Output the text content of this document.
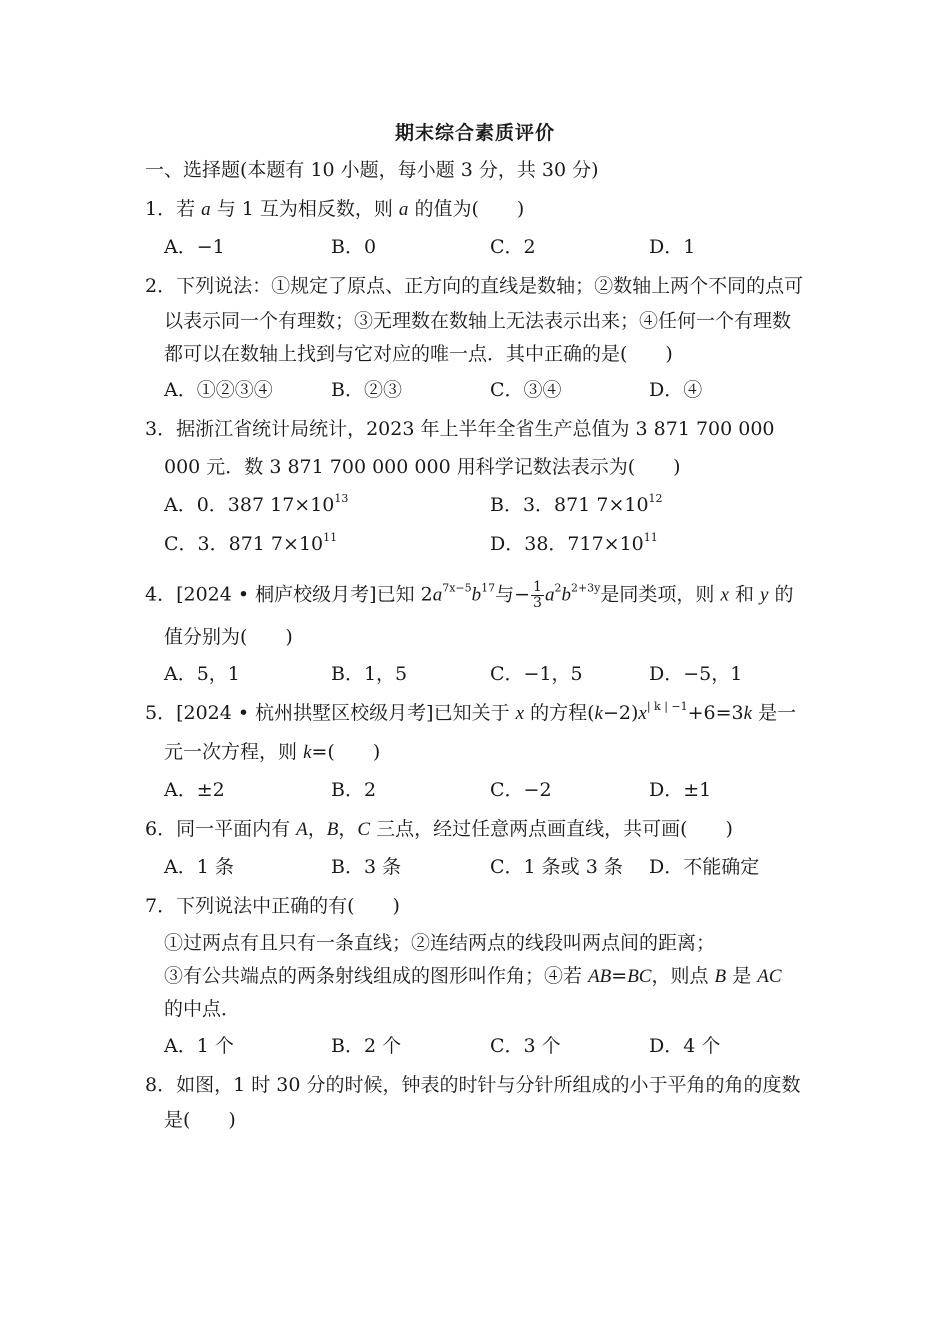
期末综合素质评价
一、选择题(本题有 10 小题，每小题 3 分，共 30 分)
1．若 a 与 1 互为相反数，则 a 的值为(　　)
A．−1	B．0	C．2	D．1
2．下列说法：①规定了原点、正方向的直线是数轴；②数轴上两个不同的点可
以表示同一个有理数；③无理数在数轴上无法表示出来；④任何一个有理数
都可以在数轴上找到与它对应的唯一点．其中正确的是(　　)
A．①②③④	B．②③	C．③④	D．④
3．据浙江省统计局统计，2023 年上半年全省生产总值为 3 871 700 000
000 元．数 3 871 700 000 000 用科学记数法表示为(　　)
A．0．387 $17\times 10^{13}$	B．3．871 $7\times 10^{12}$
C．3．871 $7\times 10^{11}$	D．38．$717\times 10^{11}$
4．[2024 • 桐庐校级月考]已知 $2a^{7x-5}b^{17}$与− $\frac{1}{3} a^2b^{2+3y}$是同类项，则 x 和 y 的
值分别为(　　)
A．5，1	B．1，5	C．−1，5	D．−5，1
5．[2024 • 杭州拱墅区校级月考]已知关于 x 的方程$(k-2)x^{| k | -1}+6=3k$ 是一
元一次方程，则 k=(　　)
A．±2	B．2	C．−2	D．±1
6．同一平面内有 A，B，C 三点，经过任意两点画直线，共可画(　　)
A．1 条	B．3 条	C．1 条或 3 条 D．不能确定
7．下列说法中正确的有(　　)
①过两点有且只有一条直线；②连结两点的线段叫两点间的距离；
③有公共端点的两条射线组成的图形叫作角；④若 AB=BC，则点 B 是 AC
的中点．
A．1 个	B．2 个	C．3 个	D．4 个
8．如图，1 时 30 分的时候，钟表的时针与分针所组成的小于平角的角的度数
是(　　)
